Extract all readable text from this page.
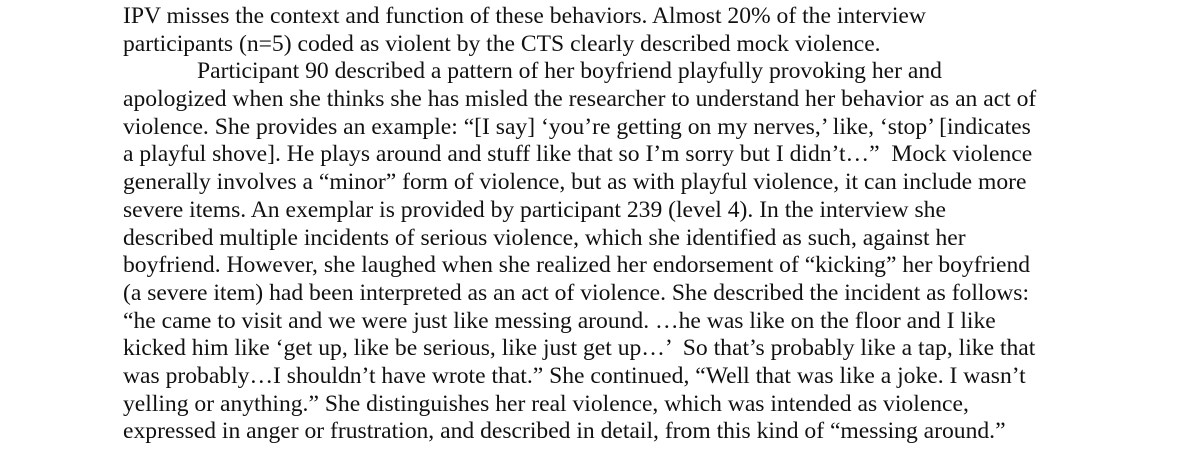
IPV misses the context and function of these behaviors. Almost 20% of the interview
participants (n=5) coded as violent by the CTS clearly described mock violence.
Participant 90 described a pattern of her boyfriend playfully provoking her and
apologized when she thinks she has misled the researcher to understand her behavior as an act of
violence. She provides an example: “[I say] ‘you’re getting on my nerves,’ like, ‘stop’ [indicates
a playful shove]. He plays around and stuff like that so I’m sorry but I didn’t…”  Mock violence
generally involves a “minor” form of violence, but as with playful violence, it can include more
severe items. An exemplar is provided by participant 239 (level 4). In the interview she
described multiple incidents of serious violence, which she identified as such, against her
boyfriend. However, she laughed when she realized her endorsement of “kicking” her boyfriend
(a severe item) had been interpreted as an act of violence. She described the incident as follows:
“he came to visit and we were just like messing around. …he was like on the floor and I like
kicked him like ‘get up, like be serious, like just get up…’  So that’s probably like a tap, like that
was probably…I shouldn’t have wrote that.” She continued, “Well that was like a joke. I wasn’t
yelling or anything.” She distinguishes her real violence, which was intended as violence,
expressed in anger or frustration, and described in detail, from this kind of “messing around.”
